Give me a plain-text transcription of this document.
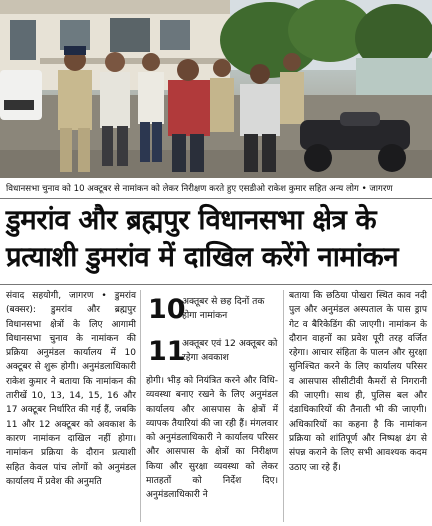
विधानसभा चुनाव को 10 अक्टूबर से नामांकन को लेकर निरीक्षण करते हुए एसडीओ राकेश कुमार सहित अन्य लोग • जागरण
डुमरांव और ब्रह्मपुर विधानसभा क्षेत्र के
प्रत्याशी डुमरांव में दाखिल करेंगे नामांकन
संवाद सहयोगी, जागरण • डुमरांव (बक्सर): डुमरांव और ब्रह्मपुर विधानसभा क्षेत्रों के लिए आगामी विधानसभा चुनाव के नामांकन की प्रक्रिया अनुमंडल कार्यालय में 10 अक्टूबर से शुरू होगी। अनुमंडलाधिकारी राकेश कुमार ने बताया कि नामांकन की तारीखें 10, 13, 14, 15, 16 और 17 अक्टूबर निर्धारित की गई हैं, जबकि 11 और 12 अक्टूबर को अवकाश के कारण नामांकन दाखिल नहीं होगा। नामांकन प्रक्रिया के दौरान प्रत्याशी सहित केवल पांच लोगों को अनुमंडल कार्यालय में प्रवेश की अनुमति
10
अक्तूबर से छह दिनों तक होगा नामांकन
11
अक्तूबर एवं 12 अक्तूबर को रहेगा अवकाश
होगी। भीड़ को नियंत्रित करने और विधि-व्यवस्था बनाए रखने के लिए अनुमंडल कार्यालय और आसपास के क्षेत्रों में व्यापक तैयारियां की जा रही हैं। मंगलवार को अनुमंडलाधिकारी ने कार्यालय परिसर और आसपास के क्षेत्रों का निरीक्षण किया और सुरक्षा व्यवस्था को लेकर मातहतों को निर्देश दिए। अनुमंडलाधिकारी ने
बताया कि छठिया पोखरा स्थित काव नदी पुल और अनुमंडल अस्पताल के पास ड्राप गेट व बैरिकेडिंग की जाएगी। नामांकन के दौरान वाहनों का प्रवेश पूरी तरह वर्जित रहेगा। आचार संहिता के पालन और सुरक्षा सुनिश्चित करने के लिए कार्यालय परिसर व आसपास सीसीटीवी कैमरों से निगरानी की जाएगी। साथ ही, पुलिस बल और दंडाधिकारियों की तैनाती भी की जाएगी। अधिकारियों का कहना है कि नामांकन प्रक्रिया को शांतिपूर्ण और निष्पक्ष ढंग से संपन्न कराने के लिए सभी आवश्यक कदम उठाए जा रहे हैं।
